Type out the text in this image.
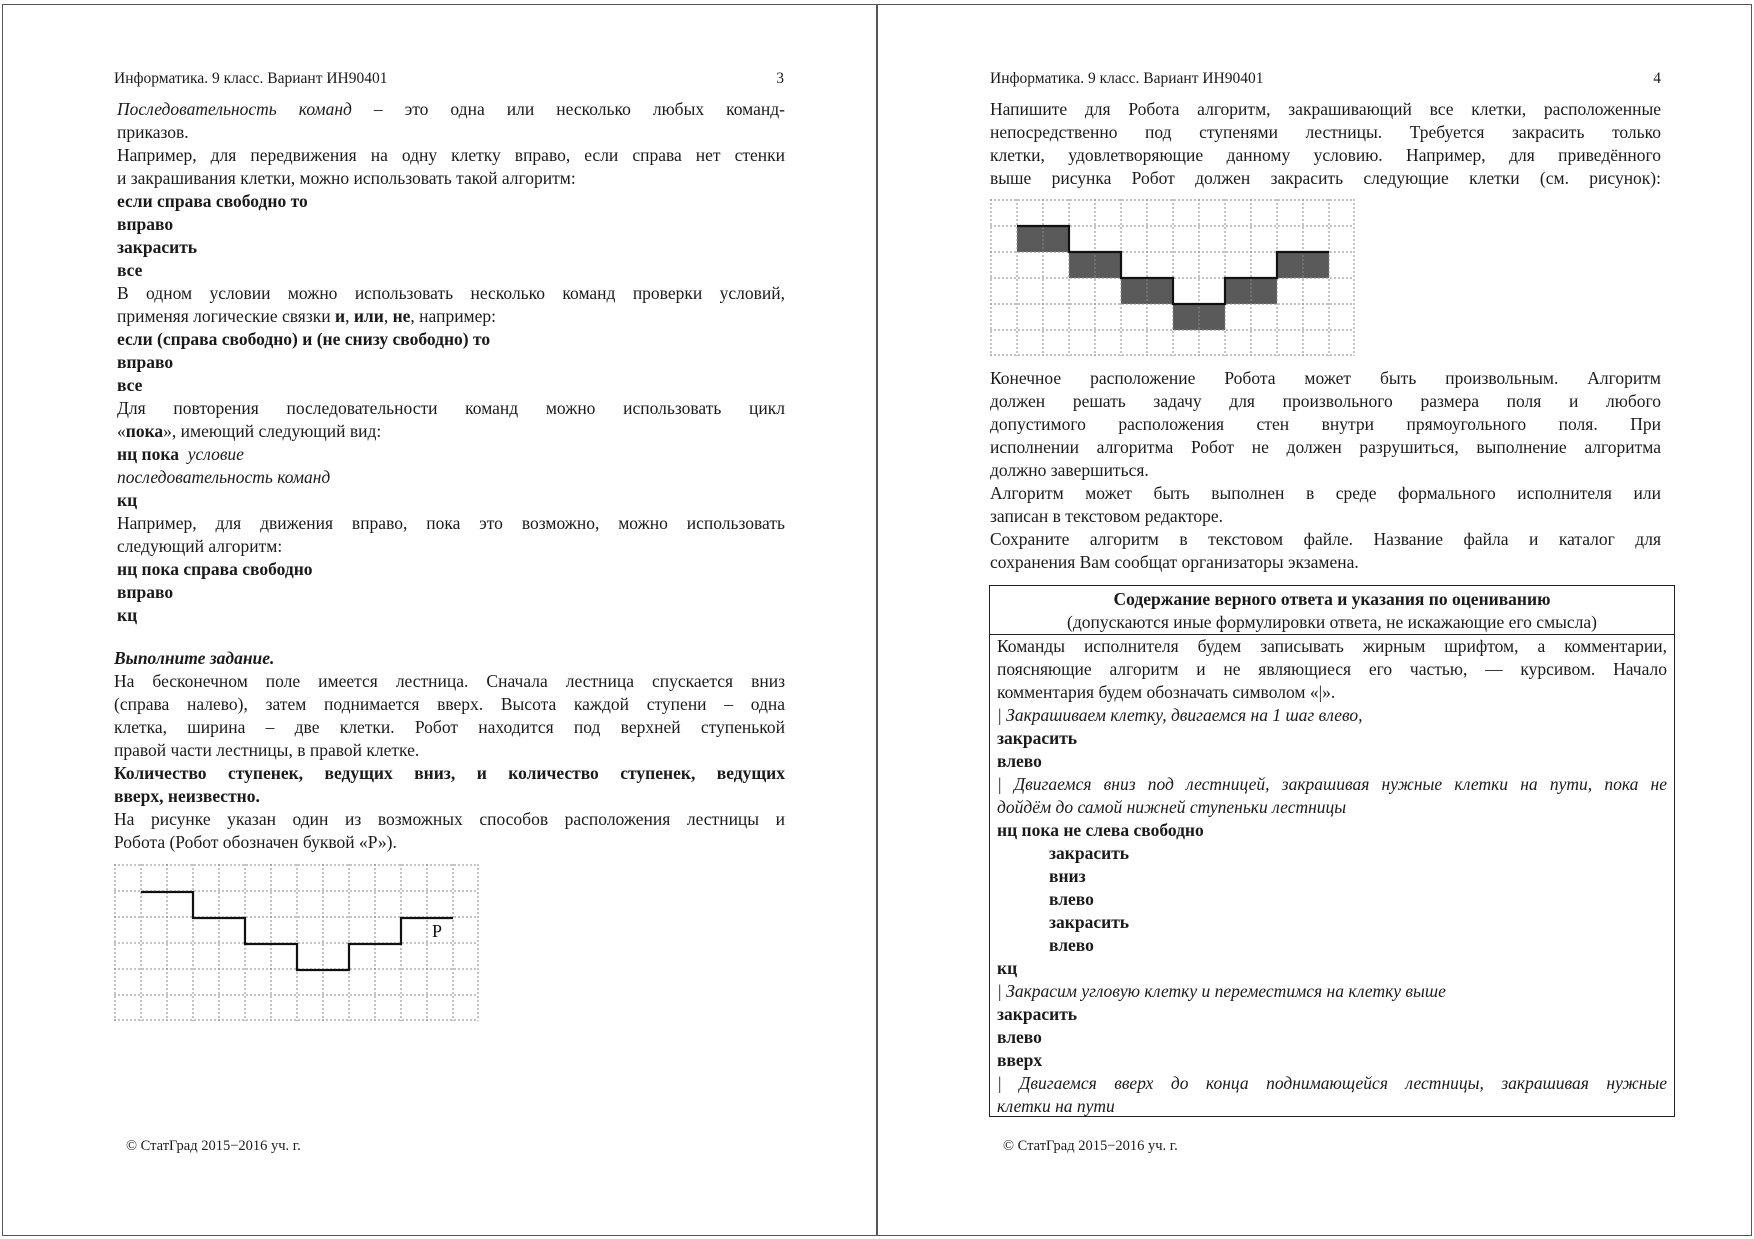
Информатика. 9 класс. Вариант ИН90401	3
Последовательность команд – это одна или несколько любых команд-
приказов.
Например, для передвижения на одну клетку вправо, если справа нет стенки
и закрашивания клетки, можно использовать такой алгоритм:
если справа свободно то
вправо
закрасить
все
В одном условии можно использовать несколько команд проверки условий,
применяя логические связки и, или, не, например:
если (справа свободно) и (не снизу свободно) то
вправо
все
Для повторения последовательности команд можно использовать цикл
«пока», имеющий следующий вид:
нц пока условие
последовательность команд
кц
Например, для движения вправо, пока это возможно, можно использовать
следующий алгоритм:
нц пока справа свободно
вправо
кц
Выполните задание.
На бесконечном поле имеется лестница. Сначала лестница спускается вниз
(справа налево), затем поднимается вверх. Высота каждой ступени – одна
клетка, ширина – две клетки. Робот находится под верхней ступенькой
правой части лестницы, в правой клетке.
Количество ступенек, ведущих вниз, и количество ступенек, ведущих
вверх, неизвестно.
На рисунке указан один из возможных способов расположения лестницы и
Робота (Робот обозначен буквой «Р»).
Р
© СтатГрад 2015−2016 уч. г.
Информатика. 9 класс. Вариант ИН90401	4
Напишите для Робота алгоритм, закрашивающий все клетки, расположенные
непосредственно под ступенями лестницы. Требуется закрасить только
клетки, удовлетворяющие данному условию. Например, для приведённого
выше рисунка Робот должен закрасить следующие клетки (см. рисунок):
Конечное расположение Робота может быть произвольным. Алгоритм
должен решать задачу для произвольного размера поля и любого
допустимого расположения стен внутри прямоугольного поля. При
исполнении алгоритма Робот не должен разрушиться, выполнение алгоритма
должно завершиться.
Алгоритм может быть выполнен в среде формального исполнителя или
записан в текстовом редакторе.
Сохраните алгоритм в текстовом файле. Название файла и каталог для
сохранения Вам сообщат организаторы экзамена.
Содержание верного ответа и указания по оцениванию
(допускаются иные формулировки ответа, не искажающие его смысла)
Команды исполнителя будем записывать жирным шрифтом, а комментарии,
поясняющие алгоритм и не являющиеся его частью, — курсивом. Начало
комментария будем обозначать символом «|».
| Закрашиваем клетку, двигаемся на 1 шаг влево,
закрасить
влево
| Двигаемся вниз под лестницей, закрашивая нужные клетки на пути, пока не
дойдём до самой нижней ступеньки лестницы
нц пока не слева свободно
закрасить
вниз
влево
закрасить
влево
кц
| Закрасим угловую клетку и переместимся на клетку выше
закрасить
влево
вверх
| Двигаемся вверх до конца поднимающейся лестницы, закрашивая нужные
клетки на пути
© СтатГрад 2015−2016 уч. г.
